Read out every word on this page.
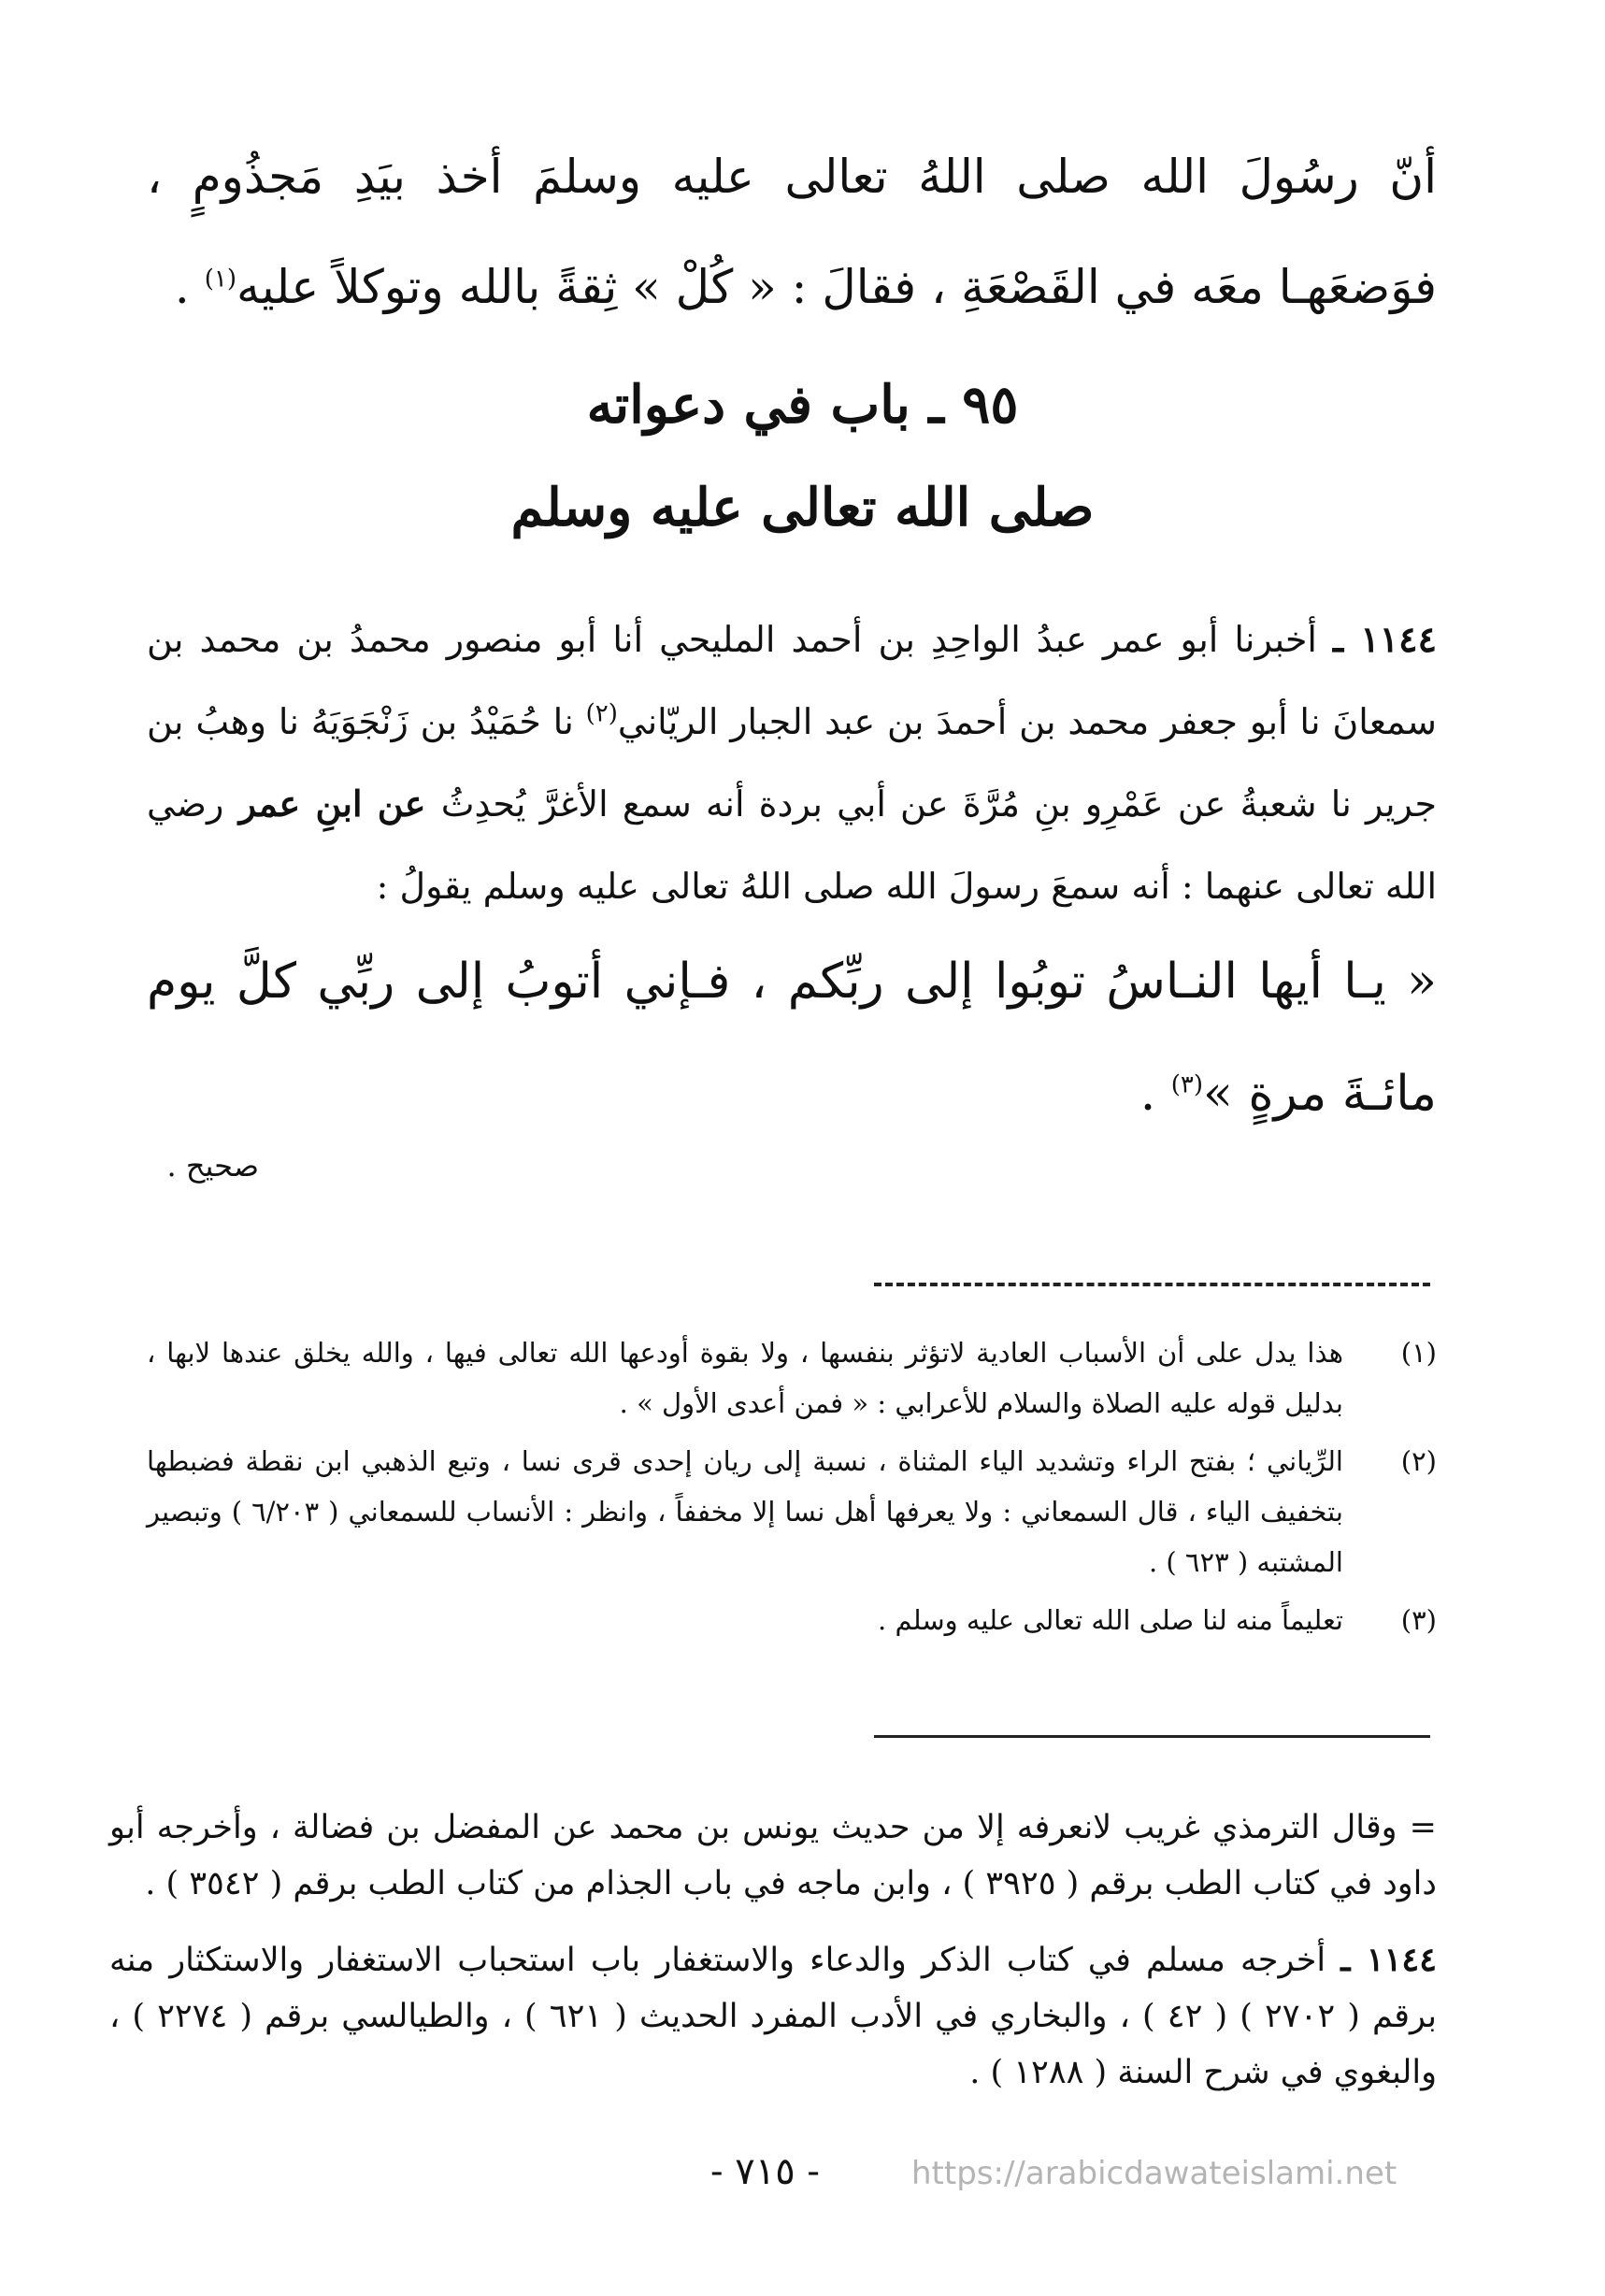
أنّ رسُولَ الله صلى اللهُ تعالى عليه وسلمَ أخذ بيَدِ مَجذُومٍ ، فوَضعَهـا معَه في القَصْعَةِ ، فقالَ : « كُلْ » ثِقةً بالله وتوكلاً عليه$^{(١)}$ .
٩٥ ـ باب في دعواته
صلى الله تعالى عليه وسلم
١١٤٤ ـ أخبرنا أبو عمر عبدُ الواحِدِ بن أحمد المليحي أنا أبو منصور محمدُ بن محمد بن سمعانَ نا أبو جعفر محمد بن أحمدَ بن عبد الجبار الريّاني$^{(٢)}$ نا حُمَيْدُ بن زَنْجَوَيَهُ نا وهبُ بن جرير نا شعبةُ عن عَمْرِو بنِ مُرَّةَ عن أبي بردة أنه سمع الأغرَّ يُحدِثُ عن ابنِ عمر رضي الله تعالى عنهما : أنه سمعَ رسولَ الله صلى اللهُ تعالى عليه وسلم يقولُ :
« يـا أيها النـاسُ توبُوا إلى ربِّكم ، فـإني أتوبُ إلى ربِّي كلَّ يوم مائـةَ مرةٍ »$^{(٣)}$ .
صحيح .
(١)
هذا يدل على أن الأسباب العادية لاتؤثر بنفسها ، ولا بقوة أودعها الله تعالى فيها ، والله يخلق عندها لابها ، بدليل قوله عليه الصلاة والسلام للأعرابي : « فمن أعدى الأول » .
(٢)
الرِّياني ؛ بفتح الراء وتشديد الياء المثناة ، نسبة إلى ريان إحدى قرى نسا ، وتبع الذهبي ابن نقطة فضبطها بتخفيف الياء ، قال السمعاني : ولا يعرفها أهل نسا إلا مخففاً ، وانظر : الأنساب للسمعاني ( ٦/٢٠٣ ) وتبصير المشتبه ( ٦٢٣ ) .
(٣)
تعليماً منه لنا صلى الله تعالى عليه وسلم .

= وقال الترمذي غريب لانعرفه إلا من حديث يونس بن محمد عن المفضل بن فضالة ، وأخرجه أبو داود في كتاب الطب برقم ( ٣٩٢٥ ) ، وابن ماجه في باب الجذام من كتاب الطب برقم ( ٣٥٤٢ ) .

١١٤٤ ـ أخرجه مسلم في كتاب الذكر والدعاء والاستغفار باب استحباب الاستغفار والاستكثار منه برقم ( ٢٧٠٢ ) ( ٤٢ ) ، والبخاري في الأدب المفرد الحديث ( ٦٢١ ) ، والطيالسي برقم ( ٢٢٧٤ ) ، والبغوي في شرح السنة ( ١٢٨٨ ) .

- ٧١٥ -	https://arabicdawateislami.net
